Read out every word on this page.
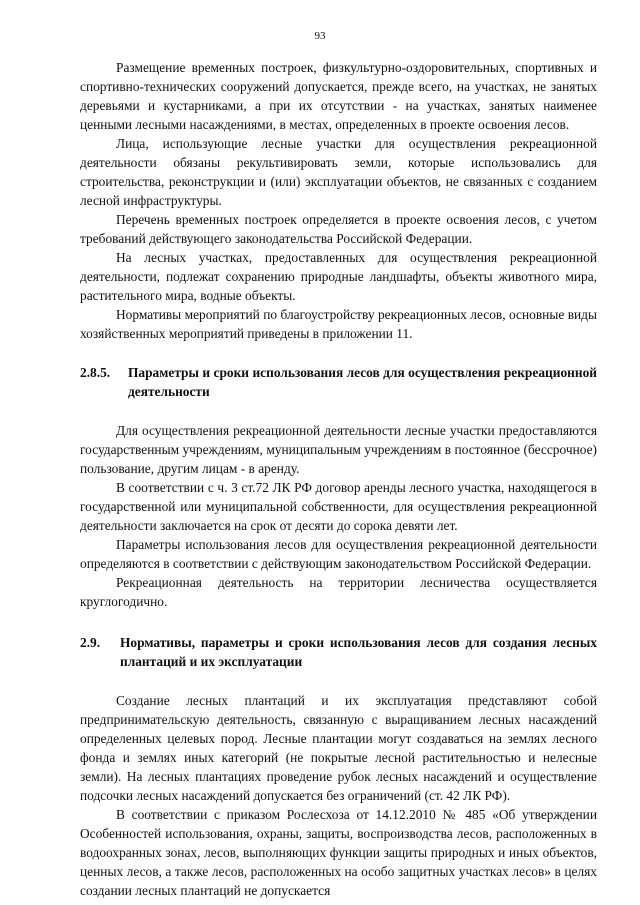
93

Размещение временных построек, физкультурно-оздоровительных, спортивных и спортивно-технических сооружений допускается, прежде всего, на участках, не занятых деревьями и кустарниками, а при их отсутствии - на участках, занятых наименее ценными лесными насаждениями, в местах, определенных в проекте освоения лесов.

Лица, использующие лесные участки для осуществления рекреационной деятельности обязаны рекультивировать земли, которые использовались для строительства, реконструкции и (или) эксплуатации объектов, не связанных с созданием лесной инфраструктуры.

Перечень временных построек определяется в проекте освоения лесов, с учетом требований действующего законодательства Российской Федерации.

На лесных участках, предоставленных для осуществления рекреационной деятельности, подлежат сохранению природные ландшафты, объекты животного мира, растительного мира, водные объекты.

Нормативы мероприятий по благоустройству рекреационных лесов, основные виды хозяйственных мероприятий приведены в приложении 11.

2.8.5.	Параметры и сроки использования лесов для осуществления рекреационной деятельности

Для осуществления рекреационной деятельности лесные участки предоставляются государственным учреждениям, муниципальным учреждениям в постоянное (бессрочное) пользование, другим лицам - в аренду.

В соответствии с ч. 3 ст.72 ЛК РФ договор аренды лесного участка, находящегося в государственной или муниципальной собственности, для осуществления рекреационной деятельности заключается на срок от десяти до сорока девяти лет.

Параметры использования лесов для осуществления рекреационной деятельности определяются в соответствии с действующим законодательством Российской Федерации.

Рекреационная деятельность на территории лесничества осуществляется круглогодично.

2.9.	Нормативы, параметры и сроки использования лесов для создания лесных плантаций и их эксплуатации

Создание лесных плантаций и их эксплуатация представляют собой предпринимательскую деятельность, связанную с выращиванием лесных насаждений определенных целевых пород. Лесные плантации могут создаваться на землях лесного фонда и землях иных категорий (не покрытые лесной растительностью и нелесные земли). На лесных плантациях проведение рубок лесных насаждений и осуществление подсочки лесных насаждений допускается без ограничений (ст. 42 ЛК РФ).

В соответствии с приказом Рослесхоза от 14.12.2010 № 485 «Об утверждении Особенностей использования, охраны, защиты, воспроизводства лесов, расположенных в водоохранных зонах, лесов, выполняющих функции защиты природных и иных объектов, ценных лесов, а также лесов, расположенных на особо защитных участках лесов» в целях создании лесных плантаций не допускается
